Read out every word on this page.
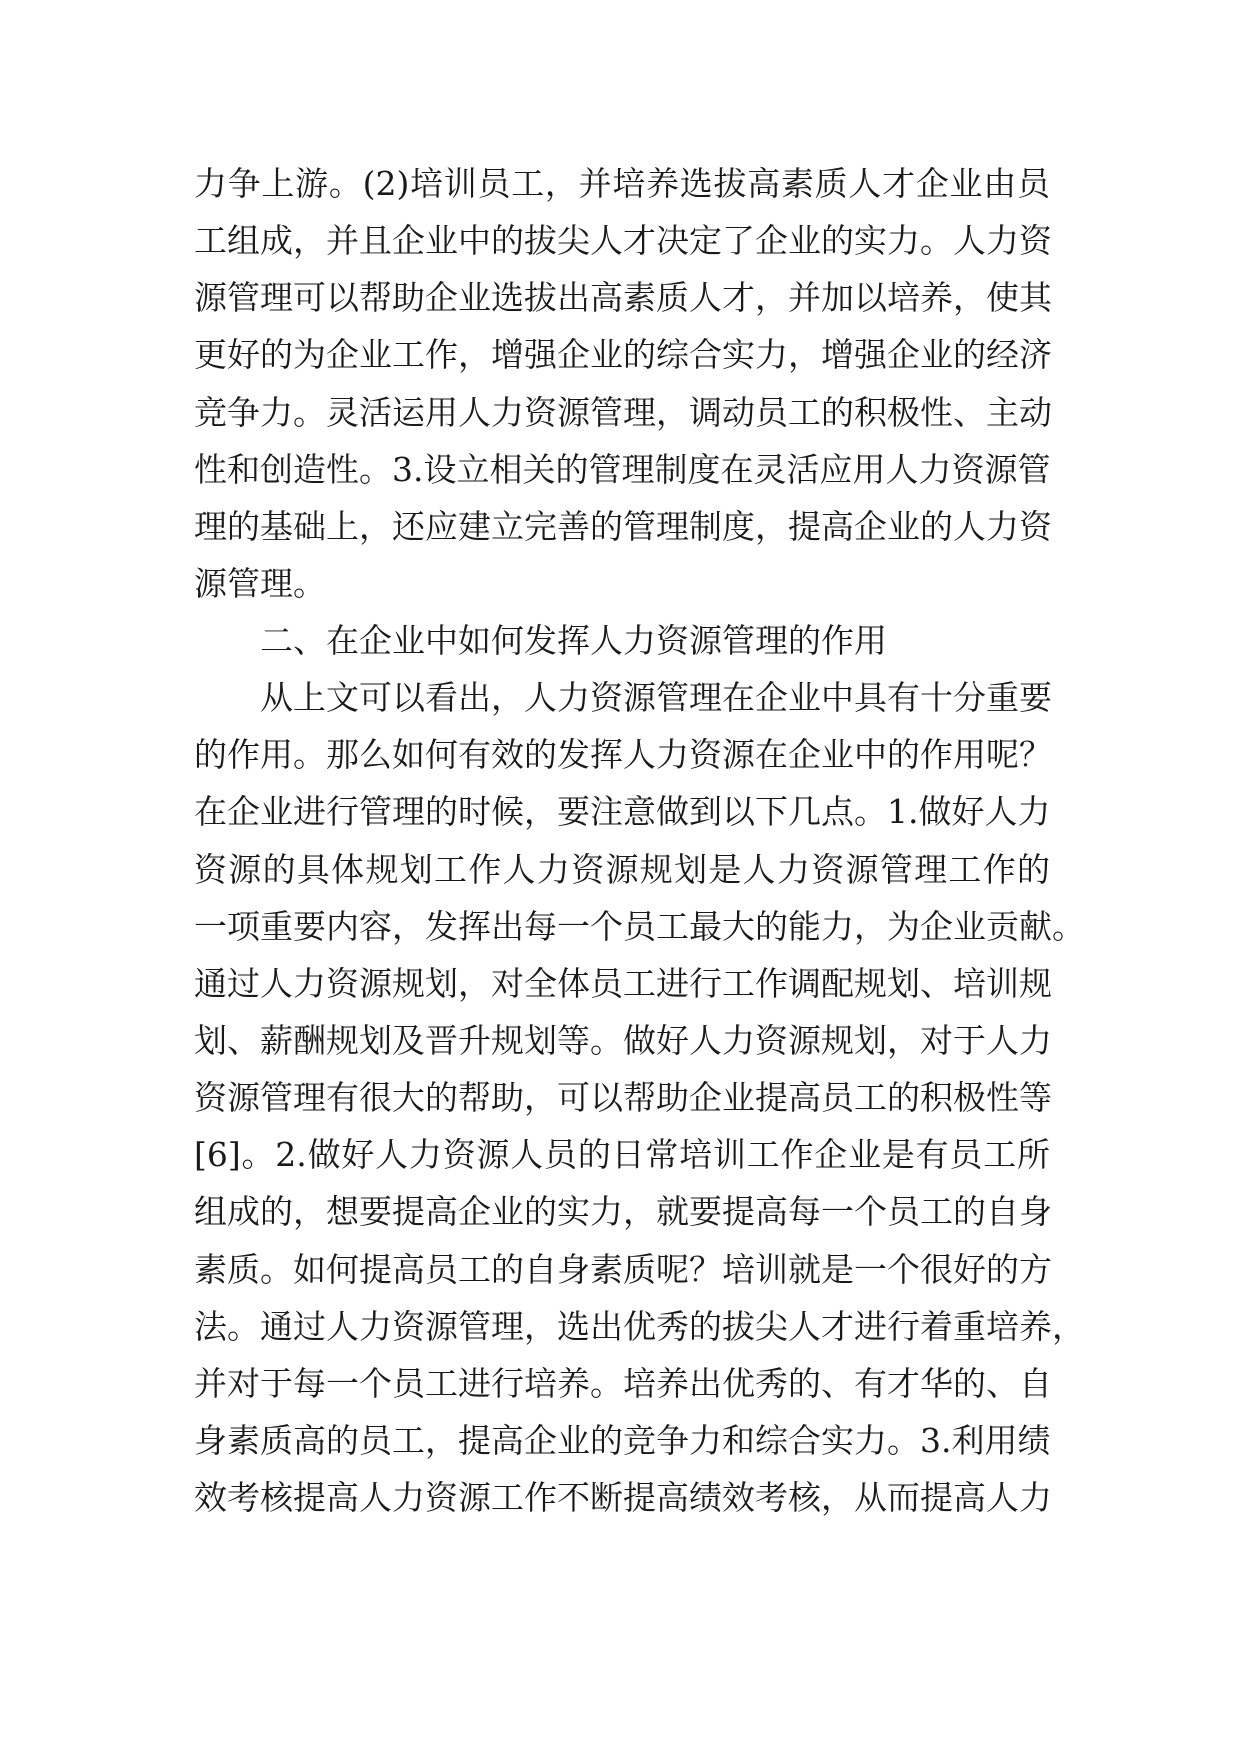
力争上游。(2)培训员工，并培养选拔高素质人才企业由员
工组成，并且企业中的拔尖人才决定了企业的实力。人力资
源管理可以帮助企业选拔出高素质人才，并加以培养，使其
更好的为企业工作，增强企业的综合实力，增强企业的经济
竞争力。灵活运用人力资源管理，调动员工的积极性、主动
性和创造性。3.设立相关的管理制度在灵活应用人力资源管
理的基础上，还应建立完善的管理制度，提高企业的人力资
源管理。
二、在企业中如何发挥人力资源管理的作用
从上文可以看出，人力资源管理在企业中具有十分重要
的作用。那么如何有效的发挥人力资源在企业中的作用呢？
在企业进行管理的时候，要注意做到以下几点。1.做好人力
资源的具体规划工作人力资源规划是人力资源管理工作的
一项重要内容，发挥出每一个员工最大的能力，为企业贡献。
通过人力资源规划，对全体员工进行工作调配规划、培训规
划、薪酬规划及晋升规划等。做好人力资源规划，对于人力
资源管理有很大的帮助，可以帮助企业提高员工的积极性等
[6]。2.做好人力资源人员的日常培训工作企业是有员工所
组成的，想要提高企业的实力，就要提高每一个员工的自身
素质。如何提高员工的自身素质呢？培训就是一个很好的方
法。通过人力资源管理，选出优秀的拔尖人才进行着重培养，
并对于每一个员工进行培养。培养出优秀的、有才华的、自
身素质高的员工，提高企业的竞争力和综合实力。3.利用绩
效考核提高人力资源工作不断提高绩效考核，从而提高人力
